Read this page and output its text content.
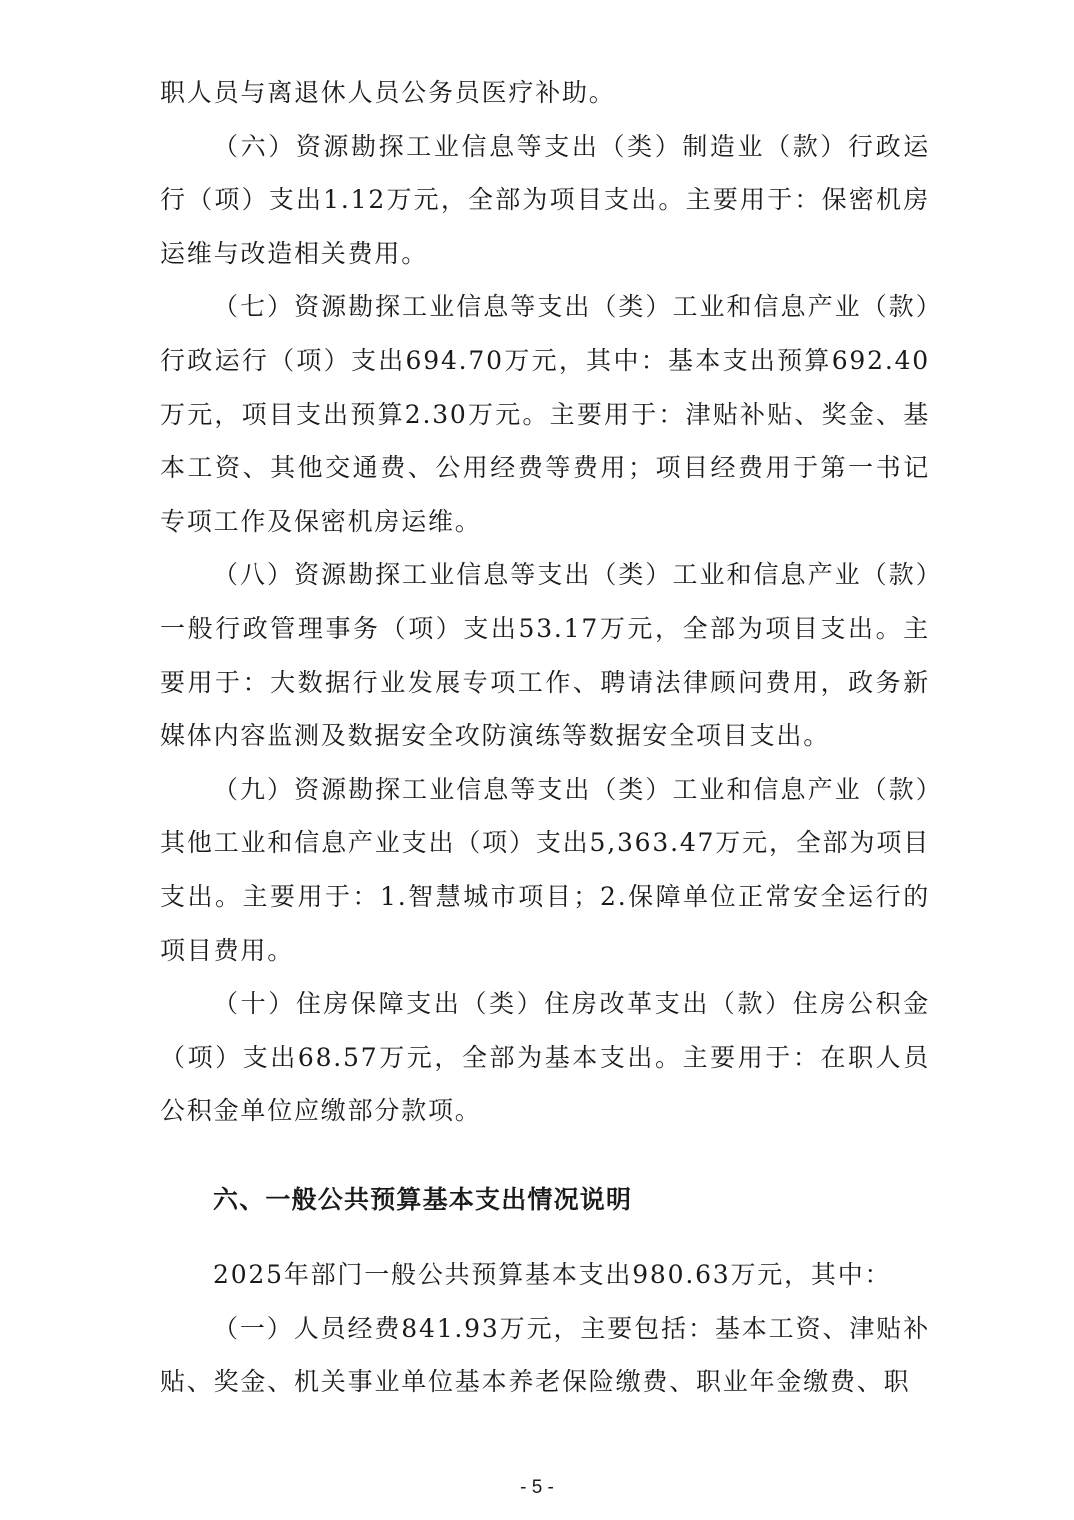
职人员与离退休人员公务员医疗补助。

（六）资源勘探工业信息等支出（类）制造业（款）行政运行（项）支出1.12万元，全部为项目支出。主要用于：保密机房运维与改造相关费用。

（七）资源勘探工业信息等支出（类）工业和信息产业（款）行政运行（项）支出694.70万元，其中：基本支出预算692.40万元，项目支出预算2.30万元。主要用于：津贴补贴、奖金、基本工资、其他交通费、公用经费等费用；项目经费用于第一书记专项工作及保密机房运维。

（八）资源勘探工业信息等支出（类）工业和信息产业（款）一般行政管理事务（项）支出53.17万元，全部为项目支出。主要用于：大数据行业发展专项工作、聘请法律顾问费用，政务新媒体内容监测及数据安全攻防演练等数据安全项目支出。

（九）资源勘探工业信息等支出（类）工业和信息产业（款）其他工业和信息产业支出（项）支出5,363.47万元，全部为项目支出。主要用于：1.智慧城市项目；2.保障单位正常安全运行的项目费用。

（十）住房保障支出（类）住房改革支出（款）住房公积金（项）支出68.57万元，全部为基本支出。主要用于：在职人员公积金单位应缴部分款项。

六、一般公共预算基本支出情况说明

2025年部门一般公共预算基本支出980.63万元，其中：

（一）人员经费841.93万元，主要包括：基本工资、津贴补贴、奖金、机关事业单位基本养老保险缴费、职业年金缴费、职

- 5 -
